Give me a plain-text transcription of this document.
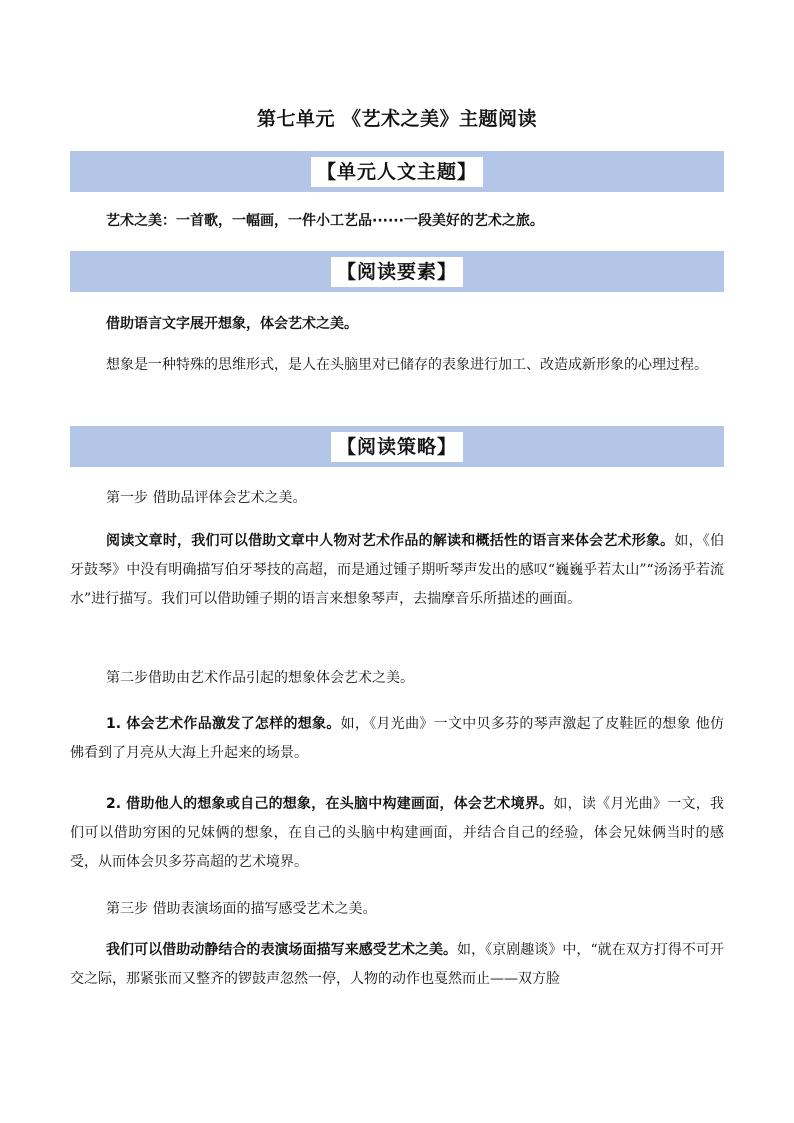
第七单元 《艺术之美》主题阅读
【单元人文主题】

艺术之美：一首歌，一幅画，一件小工艺品······一段美好的艺术之旅。

【阅读要素】

借助语言文字展开想象，体会艺术之美。

想象是一种特殊的思维形式，是人在头脑里对已储存的表象进行加工、改造成新形象的心理过程。

【阅读策略】

第一步 借助品评体会艺术之美。

阅读文章时，我们可以借助文章中人物对艺术作品的解读和概括性的语言来体会艺术形象。如，《伯牙鼓琴》中没有明确描写伯牙琴技的高超，而是通过锺子期听琴声发出的感叹“巍巍乎若太山”“汤汤乎若流水”进行描写。我们可以借助锺子期的语言来想象琴声，去揣摩音乐所描述的画面。

第二步借助由艺术作品引起的想象体会艺术之美。

1. 体会艺术作品激发了怎样的想象。如，《月光曲》一文中贝多芬的琴声激起了皮鞋匠的想象 他仿佛看到了月亮从大海上升起来的场景。

2. 借助他人的想象或自己的想象，在头脑中构建画面，体会艺术境界。如，读《月光曲》一文，我们可以借助穷困的兄妹俩的想象，在自己的头脑中构建画面，并结合自己的经验，体会兄妹俩当时的感受，从而体会贝多芬高超的艺术境界。

第三步 借助表演场面的描写感受艺术之美。

我们可以借助动静结合的表演场面描写来感受艺术之美。如，《京剧趣谈》中，“就在双方打得不可开交之际，那紧张而又整齐的锣鼓声忽然一停，人物的动作也戛然而止——双方脸
